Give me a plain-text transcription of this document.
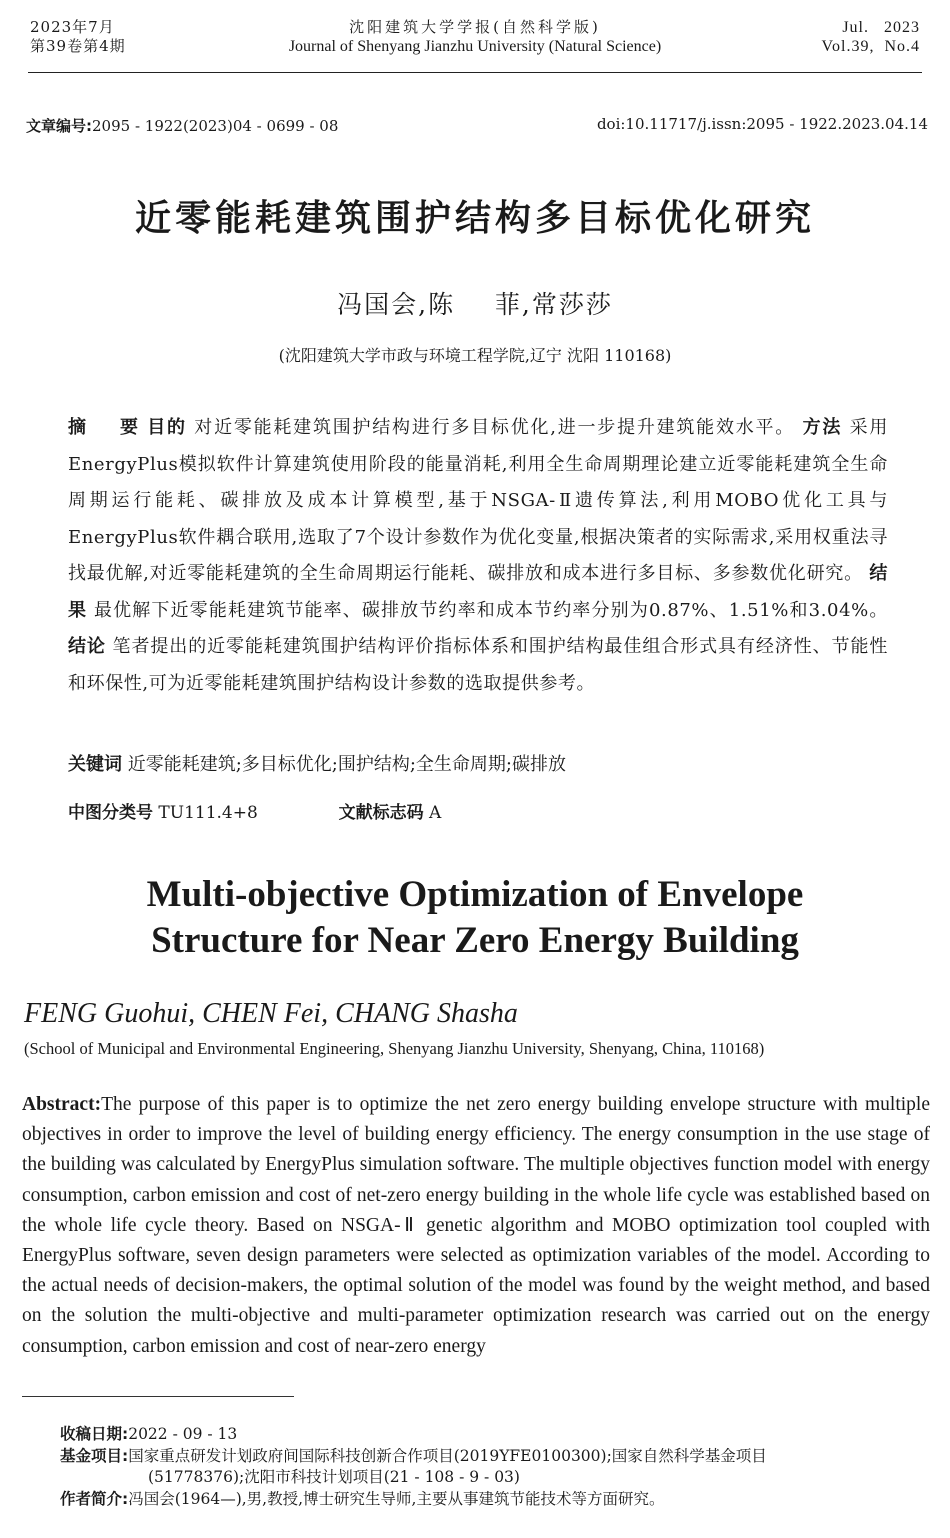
2023年7月
第39卷第4期
沈阳建筑大学学报(自然科学版)
Journal of Shenyang Jianzhu University (Natural Science)
Jul.   2023
Vol.39,  No.4
文章编号:2095 - 1922(2023)04 - 0699 - 08	doi:10.11717/j.issn:2095 - 1922.2023.04.14
近零能耗建筑围护结构多目标优化研究
冯国会,陈    菲,常莎莎
(沈阳建筑大学市政与环境工程学院,辽宁 沈阳 110168)

摘    要 目的 对近零能耗建筑围护结构进行多目标优化,进一步提升建筑能效水平。 方法 采用EnergyPlus模拟软件计算建筑使用阶段的能量消耗,利用全生命周期理论建立近零能耗建筑全生命周期运行能耗、碳排放及成本计算模型,基于NSGA-Ⅱ遗传算法,利用MOBO优化工具与EnergyPlus软件耦合联用,选取了7个设计参数作为优化变量,根据决策者的实际需求,采用权重法寻找最优解,对近零能耗建筑的全生命周期运行能耗、碳排放和成本进行多目标、多参数优化研究。 结果 最优解下近零能耗建筑节能率、碳排放节约率和成本节约率分别为0.87%、1.51%和3.04%。 结论 笔者提出的近零能耗建筑围护结构评价指标体系和围护结构最佳组合形式具有经济性、节能性和环保性,可为近零能耗建筑围护结构设计参数的选取提供参考。

关键词 近零能耗建筑;多目标优化;围护结构;全生命周期;碳排放
中图分类号 TU111.4+8	文献标志码 A
Multi-objective Optimization of Envelope
Structure for Near Zero Energy Building
FENG Guohui, CHEN Fei, CHANG Shasha
(School of Municipal and Environmental Engineering, Shenyang Jianzhu University, Shenyang, China, 110168)

Abstract:The purpose of this paper is to optimize the net zero energy building envelope structure with multiple objectives in order to improve the level of building energy efficiency. The energy consumption in the use stage of the building was calculated by EnergyPlus simulation software. The multiple objectives function model with energy consumption, carbon emission and cost of net-zero energy building in the whole life cycle was established based on the whole life cycle theory. Based on NSGA-Ⅱ genetic algorithm and MOBO optimization tool coupled with EnergyPlus software, seven design parameters were selected as optimization variables of the model. According to the actual needs of decision-makers, the optimal solution of the model was found by the weight method, and based on the solution the multi-objective and multi-parameter optimization research was carried out on the energy consumption, carbon emission and cost of near-zero energy

收稿日期:2022 - 09 - 13

基金项目:国家重点研发计划政府间国际科技创新合作项目(2019YFE0100300);国家自然科学基金项目

(51778376);沈阳市科技计划项目(21 - 108 - 9 - 03)

作者简介:冯国会(1964—),男,教授,博士研究生导师,主要从事建筑节能技术等方面研究。
